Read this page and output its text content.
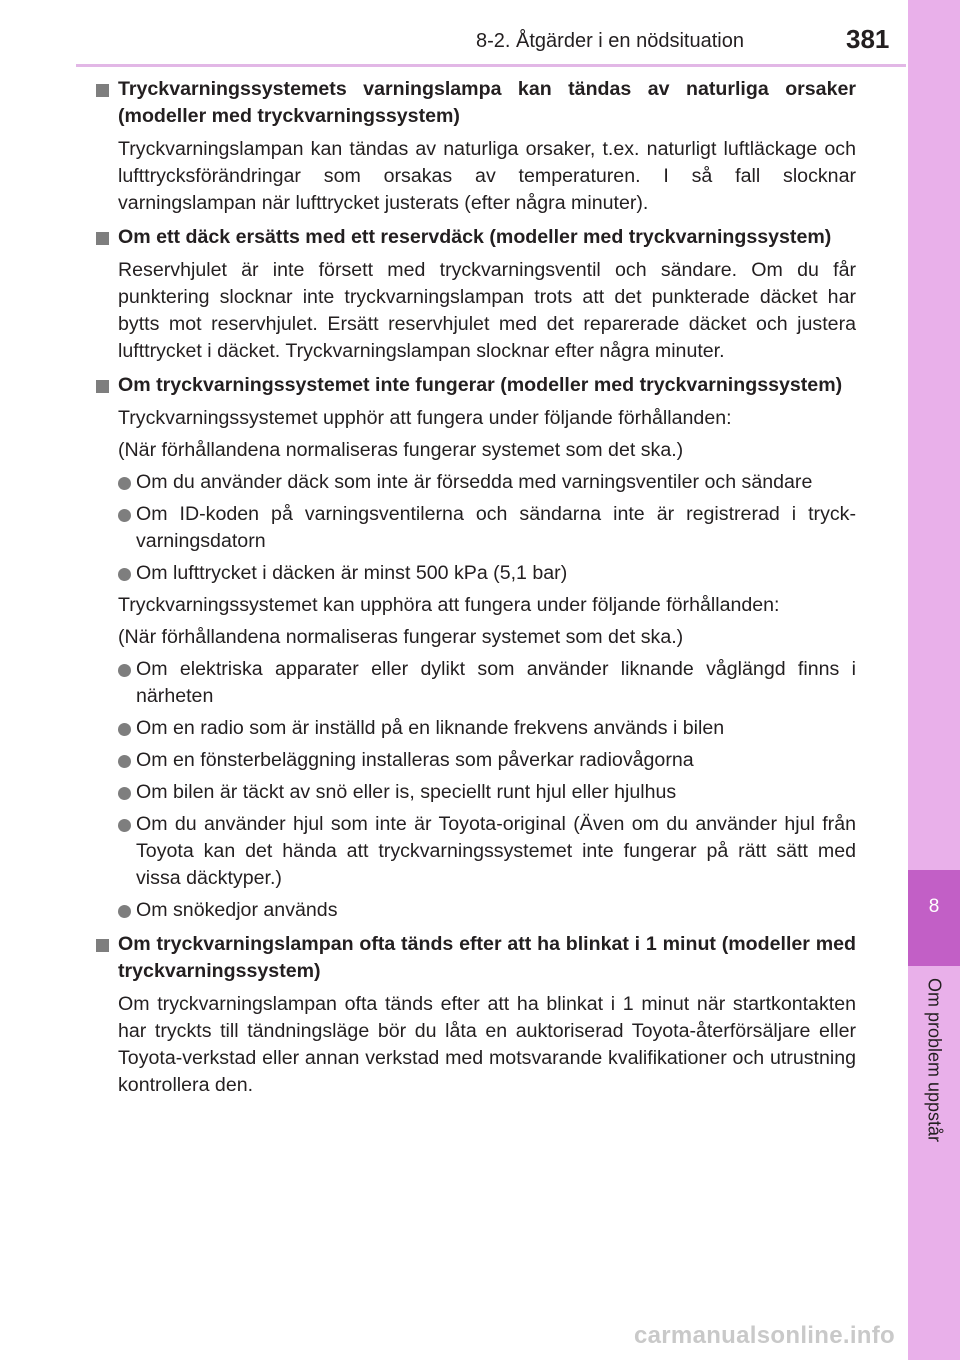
8-2. Åtgärder i en nödsituation	381
8
Om problem uppstår
Tryckvarningssystemets varningslampa kan tändas av naturliga orsaker (modeller med tryckvarningssystem)
Tryckvarningslampan kan tändas av naturliga orsaker, t.ex. naturligt luftläckage och lufttrycksförändringar som orsakas av temperaturen. I så fall slocknar varningslampan när lufttrycket justerats (efter några minuter).
Om ett däck ersätts med ett reservdäck (modeller med tryckvarningssystem)
Reservhjulet är inte försett med tryckvarningsventil och sändare. Om du får punktering slocknar inte tryckvarningslampan trots att det punkterade däcket har bytts mot reservhjulet. Ersätt reservhjulet med det reparerade däcket och justera lufttrycket i däcket. Tryckvarningslampan slocknar efter några minuter.
Om tryckvarningssystemet inte fungerar (modeller med tryckvarningssystem)
Tryckvarningssystemet upphör att fungera under följande förhållanden:
(När förhållandena normaliseras fungerar systemet som det ska.)
Om du använder däck som inte är försedda med varningsventiler och sändare
Om ID-koden på varningsventilerna och sändarna inte är registrerad i tryckvarningsdatorn
Om lufttrycket i däcken är minst 500 kPa (5,1 bar)
Tryckvarningssystemet kan upphöra att fungera under följande förhållanden:
(När förhållandena normaliseras fungerar systemet som det ska.)
Om elektriska apparater eller dylikt som använder liknande våglängd finns i närheten
Om en radio som är inställd på en liknande frekvens används i bilen
Om en fönsterbeläggning installeras som påverkar radiovågorna
Om bilen är täckt av snö eller is, speciellt runt hjul eller hjulhus
Om du använder hjul som inte är Toyota-original (Även om du använder hjul från Toyota kan det hända att tryckvarningssystemet inte fungerar på rätt sätt med vissa däcktyper.)
Om snökedjor används
Om tryckvarningslampan ofta tänds efter att ha blinkat i 1 minut (modeller med tryckvarningssystem)
Om tryckvarningslampan ofta tänds efter att ha blinkat i 1 minut när startkontakten har tryckts till tändningsläge bör du låta en auktoriserad Toyota-återförsäljare eller Toyota-verkstad eller annan verkstad med motsvarande kvalifikationer och utrustning kontrollera den.
carmanualsonline.info
